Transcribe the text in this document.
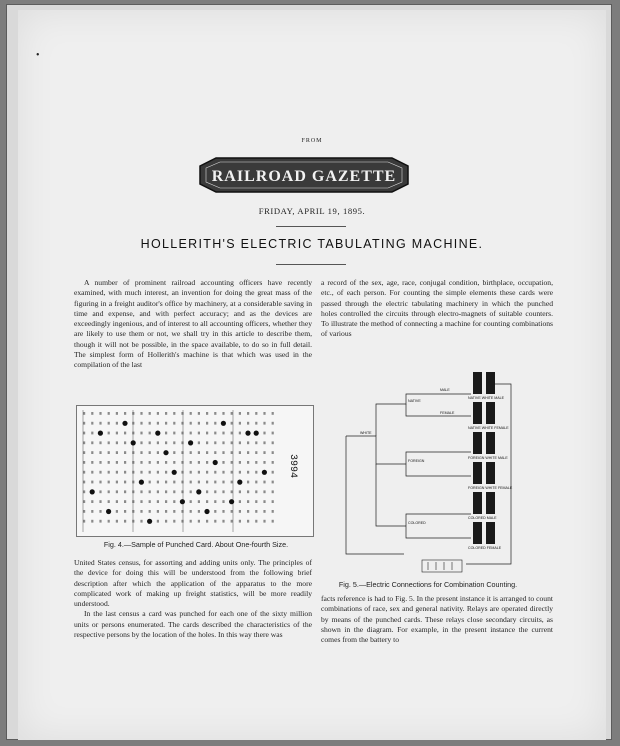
•
FROM
RAILROAD GAZETTE
FRIDAY, APRIL 19, 1895.
HOLLERITH'S ELECTRIC TABULATING MACHINE.

A number of prominent railroad accounting officers have recently examined, with much interest, an invention for doing the great mass of the figuring in a freight auditor's office by machinery, at a considerable saving in time and expense, and with perfect accuracy; and as the devices are exceedingly ingenious, and of interest to all accounting officers, whether they are likely to use them or not, we shall try in this article to describe them, though it will not be possible, in the space available, to do so in full detail. The simplest form of Hollerith's machine is that which was used in the compilation of the last

a record of the sex, age, race, conjugal condition, birthplace, occupation, etc., of each person. For counting the simple elements these cards were passed through the electric tabulating machinery in which the punched holes controlled the circuits through electro-magnets of suitable counters. To illustrate the method of connecting a machine for counting combinations of various

3994
Fig. 4.—Sample of Punched Card. About One-fourth Size.
NATIVE
WHITE
MALE
FEMALE
NATIVE WHITE MALE
NATIVE WHITE FEMALE
FOREIGN
FOREIGN WHITE MALE
FOREIGN WHITE FEMALE
COLORED
COLORED MALE
COLORED FEMALE
Fig. 5.—Electric Connections for Combination Counting.

United States census, for assorting and adding units only. The principles of the device for doing this will be understood from the following brief description after which the application of the apparatus to the more complicated work of making up freight statistics, will be more readily understood.

In the last census a card was punched for each one of the sixty million units or persons enumerated. The cards described the characteristics of the respective persons by the location of the holes. In this way there was

facts reference is had to Fig. 5. In the present instance it is arranged to count combinations of race, sex and general nativity. Relays are operated directly by means of the punched cards. These relays close secondary circuits, as shown in the diagram. For example, in the present instance the current comes from the battery to
